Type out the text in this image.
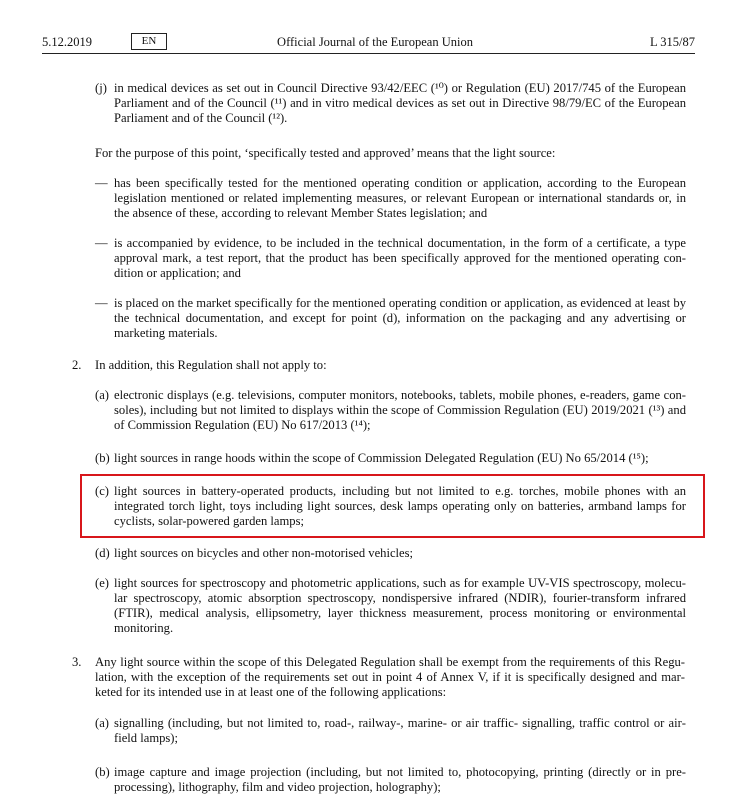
5.12.2019	EN	Official Journal of the European Union	L 315/87
(j) in medical devices as set out in Council Directive 93/42/EEC (¹⁰) or Regulation (EU) 2017/745 of the European Parliament and of the Council (¹¹) and in vitro medical devices as set out in Directive 98/79/EC of the European Parliament and of the Council (¹²).
For the purpose of this point, ‘specifically tested and approved’ means that the light source:
— has been specifically tested for the mentioned operating condition or application, according to the European legislation mentioned or related implementing measures, or relevant European or international standards or, in the absence of these, according to relevant Member States legislation; and
— is accompanied by evidence, to be included in the technical documentation, in the form of a certificate, a type approval mark, a test report, that the product has been specifically approved for the mentioned operating condition or application; and
— is placed on the market specifically for the mentioned operating condition or application, as evidenced at least by the technical documentation, and except for point (d), information on the packaging and any advertising or marketing materials.
2. In addition, this Regulation shall not apply to:
(a) electronic displays (e.g. televisions, computer monitors, notebooks, tablets, mobile phones, e-readers, game consoles), including but not limited to displays within the scope of Commission Regulation (EU) 2019/2021 (¹³) and of Commission Regulation (EU) No 617/2013 (¹⁴);
(b) light sources in range hoods within the scope of Commission Delegated Regulation (EU) No 65/2014 (¹⁵);
(c) light sources in battery-operated products, including but not limited to e.g. torches, mobile phones with an integrated torch light, toys including light sources, desk lamps operating only on batteries, armband lamps for cyclists, solar-powered garden lamps;
(d) light sources on bicycles and other non-motorised vehicles;
(e) light sources for spectroscopy and photometric applications, such as for example UV-VIS spectroscopy, molecular spectroscopy, atomic absorption spectroscopy, nondispersive infrared (NDIR), fourier-transform infrared (FTIR), medical analysis, ellipsometry, layer thickness measurement, process monitoring or environmental monitoring.
3. Any light source within the scope of this Delegated Regulation shall be exempt from the requirements of this Regulation, with the exception of the requirements set out in point 4 of Annex V, if it is specifically designed and marketed for its intended use in at least one of the following applications:
(a) signalling (including, but not limited to, road-, railway-, marine- or air traffic- signalling, traffic control or airfield lamps);
(b) image capture and image projection (including, but not limited to, photocopying, printing (directly or in preprocessing), lithography, film and video projection, holography);
